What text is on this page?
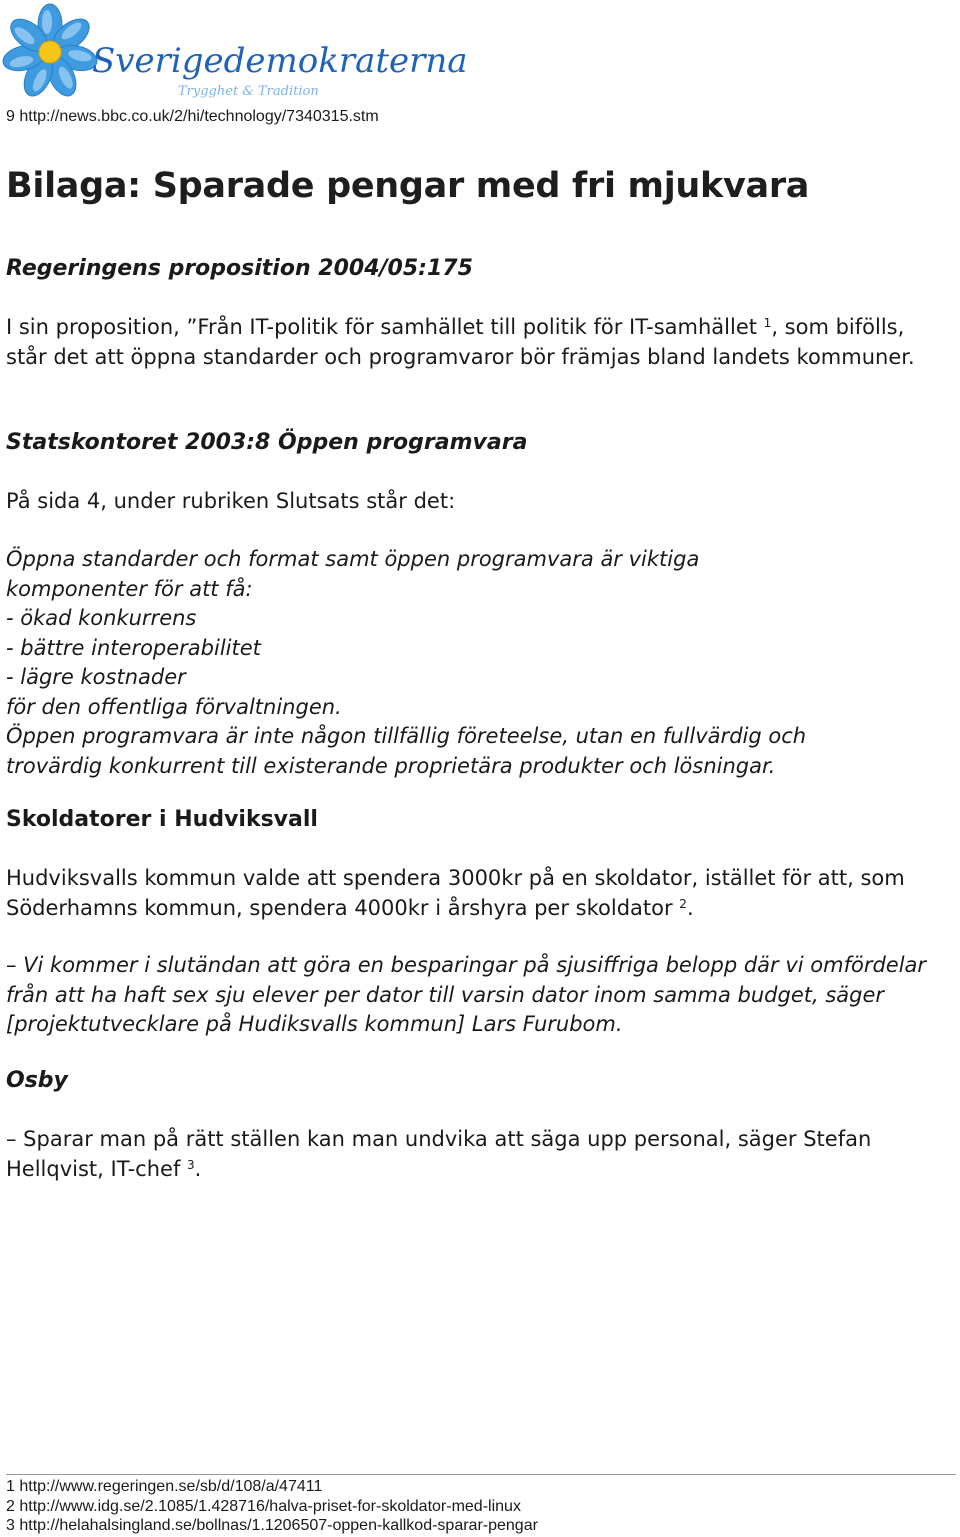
Sverigedemokraterna
Trygghet & Tradition
9 http://news.bbc.co.uk/2/hi/technology/7340315.stm
Bilaga: Sparade pengar med fri mjukvara
Regeringens proposition 2004/05:175

I sin proposition, ”Från IT-politik för samhället till politik för IT-samhället $^1$, som bifölls, står det att öppna standarder och programvaror bör främjas bland landets kommuner.

Statskontoret 2003:8 Öppen programvara

På sida 4, under rubriken Slutsats står det:

Öppna standarder och format samt öppen programvara är viktiga
komponenter för att få:
- ökad konkurrens
- bättre interoperabilitet
- lägre kostnader
för den offentliga förvaltningen.
Öppen programvara är inte någon tillfällig företeelse, utan en fullvärdig och
trovärdig konkurrent till existerande proprietära produkter och lösningar.
Skoldatorer i Hudviksvall

Hudviksvalls kommun valde att spendera 3000kr på en skoldator, istället för att, som Söderhamns kommun, spendera 4000kr i årshyra per skoldator $^2$.

– Vi kommer i slutändan att göra en besparingar på sjusiffriga belopp där vi omfördelar från att ha haft sex sju elever per dator till varsin dator inom samma budget, säger [projektutvecklare på Hudiksvalls kommun] Lars Furubom.

Osby

– Sparar man på rätt ställen kan man undvika att säga upp personal, säger Stefan Hellqvist, IT-chef $^3$.

1 http://www.regeringen.se/sb/d/108/a/47411
2 http://www.idg.se/2.1085/1.428716/halva-priset-for-skoldator-med-linux
3 http://helahalsingland.se/bollnas/1.1206507-oppen-kallkod-sparar-pengar
